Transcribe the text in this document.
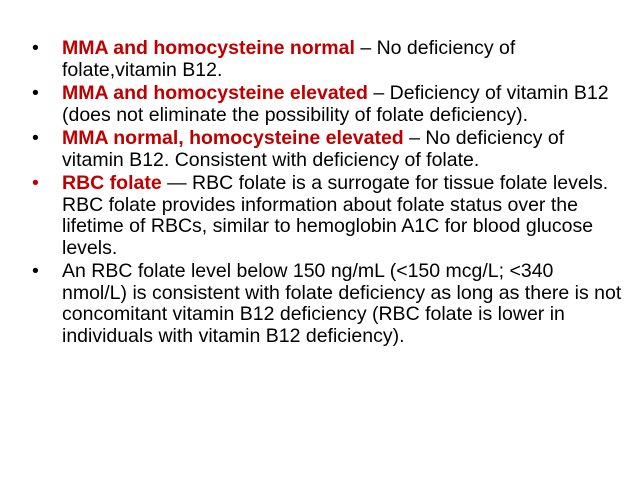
•	MMA and homocysteine normal – No deficiency of folate,vitamin B12.
•	MMA and homocysteine elevated – Deficiency of vitamin B12 (does not eliminate the possibility of folate deficiency).
•	MMA normal, homocysteine elevated – No deficiency of vitamin B12. Consistent with deficiency of folate.
•	RBC folate — RBC folate is a surrogate for tissue folate levels. RBC folate provides information about folate status over the lifetime of RBCs, similar to hemoglobin A1C for blood glucose levels.
•	An RBC folate level below 150 ng/mL (<150 mcg/L; <340 nmol/L) is consistent with folate deficiency as long as there is not concomitant vitamin B12 deficiency (RBC folate is lower in individuals with vitamin B12 deficiency).
